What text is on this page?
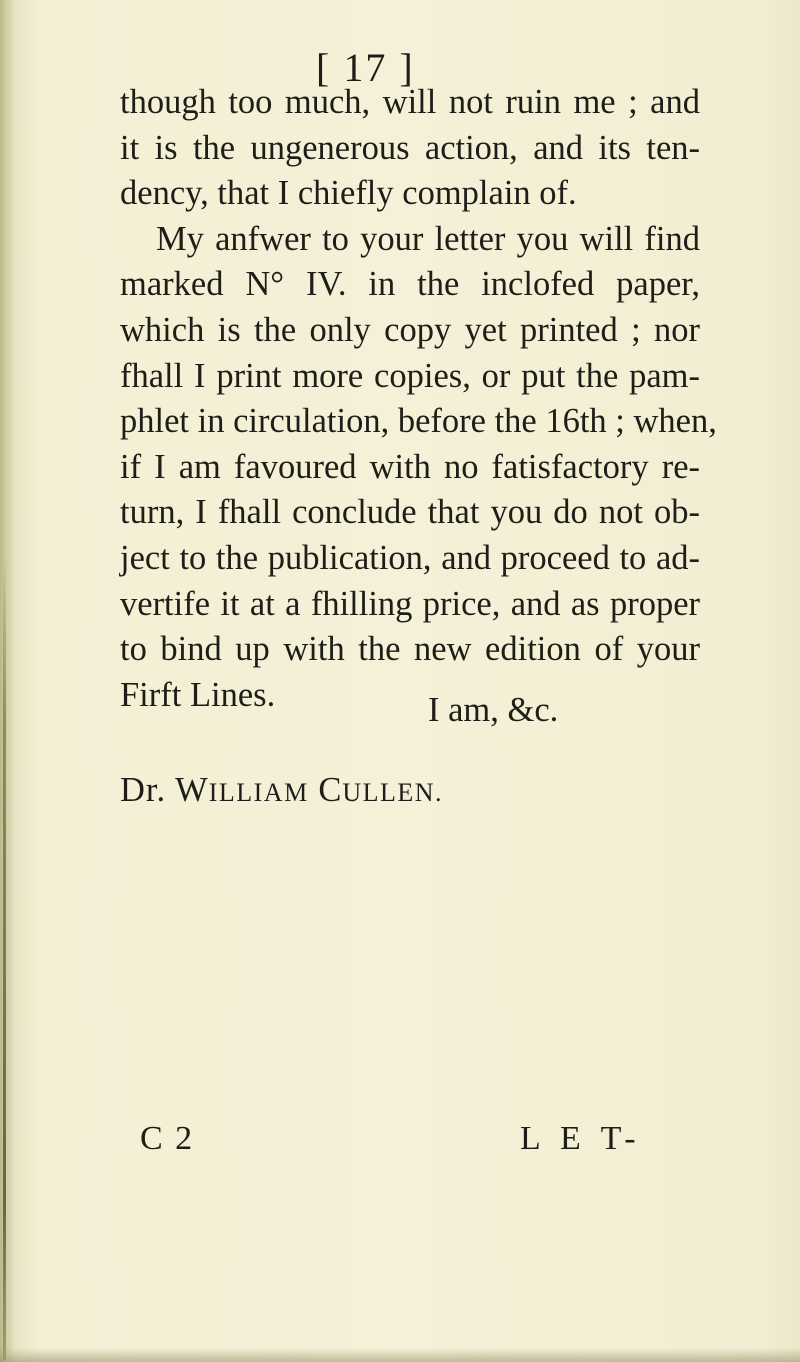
[ 17 ]
though too much, will not ruin me ; and
it is the ungenerous action, and its ten-
dency, that I chiefly complain of.
My anfwer to your letter you will find
marked N° IV. in the inclofed paper,
which is the only copy yet printed ; nor
fhall I print more copies, or put the pam-
phlet in circulation, before the 16th ; when,
if I am favoured with no fatisfactory re-
turn, I fhall conclude that you do not ob-
ject to the publication, and proceed to ad-
vertife it at a fhilling price, and as proper
to bind up with the new edition of your
Firft Lines.	I am, &c.
Dr. WILLIAM CULLEN.
C 2	L E T-
